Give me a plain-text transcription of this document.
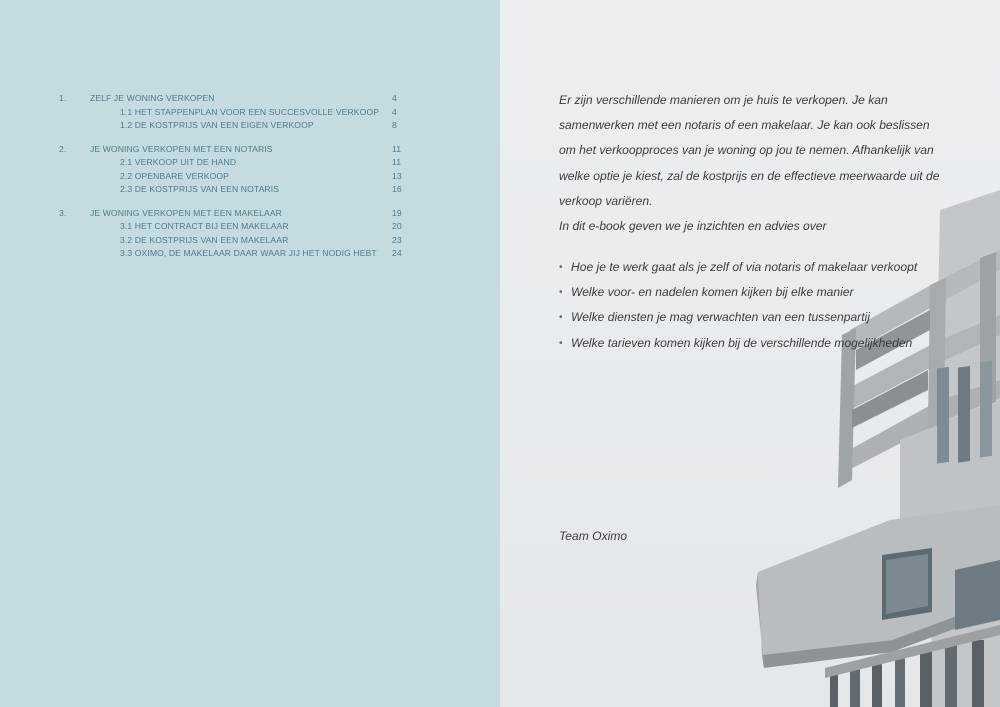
1.	ZELF JE WONING VERKOPEN	4
1.1 HET STAPPENPLAN VOOR EEN SUCCESVOLLE VERKOOP 4
1.2 DE KOSTPRIJS VAN EEN EIGEN VERKOOP	8
2.	JE WONING VERKOPEN MET EEN NOTARIS	11
2.1 VERKOOP UIT DE HAND	11
2.2 OPENBARE VERKOOP	13
2.3 DE KOSTPRIJS VAN EEN NOTARIS	16
3.	JE WONING VERKOPEN MET EEN MAKELAAR	19
3.1 HET CONTRACT BIJ EEN MAKELAAR	20
3.2 DE KOSTPRIJS VAN EEN MAKELAAR	23
3.3 OXIMO, DE MAKELAAR DAAR WAAR JIJ HET NODIG HEBT 24
Er zijn verschillende manieren om je huis te verkopen. Je kan samenwerken met een notaris of een makelaar. Je kan ook beslissen om het verkoopproces van je woning op jou te nemen. Afhankelijk van welke optie je kiest, zal de kostprijs en de effectieve meerwaarde uit de verkoop variëren.
In dit e-book geven we je inzichten en advies over
• Hoe je te werk gaat als je zelf of via notaris of makelaar verkoopt
• Welke voor- en nadelen komen kijken bij elke manier
• Welke diensten je mag verwachten van een tussenpartij
• Welke tarieven komen kijken bij de verschillende mogelijkheden
Team Oximo
